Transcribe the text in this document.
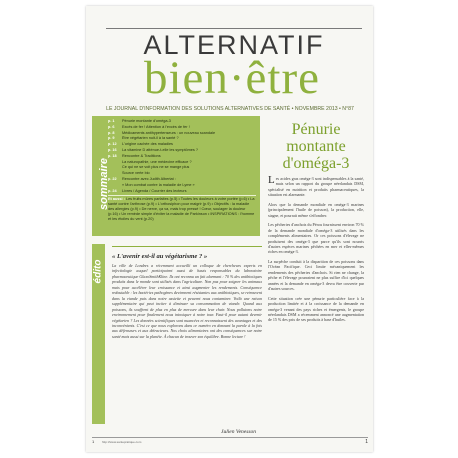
ALTERNATIF
bien·être
LE JOURNAL D'INFORMATION DES SOLUTIONS ALTERNATIVES DE SANTÉ • NOVEMBRE 2013 • N°87
sommaire
p. 1	Pénurie montante d'oméga-3
p. 6	Excès de fer ! Attention à l'excès de fer !
p. 8	Médicaments antihypertenseurs : un nouveau scandale
p. 9	Être végétarien nuit-il à la santé ?
p. 12	L'origine cachée des maladies
p. 16	La vitamine D atténue-t-elle les symptômes ?
p. 18	Rencontre & Traditions
La naturopathie, une médecine efficace ?
Ce qui ne se voit plus ne se mange plus
Source verte bio
p. 22	Rencontre avec Judith Albertat :
« Mon combat contre la maladie de Lyme »
p. 24	Livres / Agenda / Courrier des lecteurs
Et aussi : Les fruits mûres parfaites (p.5) • Toutes les douleurs à votre portée (p.6) • La santé contre l'arthrose (p.9) • L'orthosiphon pour maigrir (p.9) • Objectifs : la maladie des allergies (p.9) • De nerve, ça va, mais trop pressé ! Cœur, soulager la douleur (p.16) • Un remède simple d'éviter la maladie de Parkinson • INSPIRATIONS : l'homme et les étoiles du vent (p.20)
édito
« L'avenir est-il au végétarisme ? »

La ville de Londres a récemment accueilli un colloque de chercheurs experts en infectiologie auquel participaient aussi de hauts responsables du laboratoire pharmaceutique GlaxoSmithKline. Ils ont reconnu un fait alarmant : 70 % des antibiotiques produits dans le monde sont utilisés dans l'agriculture. Non pas pour soigner les animaux mais pour accélérer leur croissance et ainsi augmenter les rendements. Conséquence redoutable : les bactéries pathogènes deviennent résistantes aux antibiotiques, se retrouvent dans la viande puis dans notre assiette et peuvent nous contaminer. Voilà une raison supplémentaire qui peut inciter à diminuer sa consommation de viande. Quand aux poissons, ils souffrent de plus en plus de mercure dans leur chair. Nous pollutons notre environnement pour finalement nous intoxiquer à notre tour. Faut-il pour autant devenir végétarien ? Les données scientifiques sont nuancées et reconnaissent des avantages et des inconvénients. C'est ce que nous explorons dans ce numéro en donnant la parole à la fois aux défenseurs et aux détracteurs. Nos choix alimentaires ont des conséquences sur notre santé mais aussi sur la planète. À chacun de trouver son équilibre. Bonne lecture !

Julien Venesson
Pénurie montante d'oméga-3

Les acides gras oméga-3 sont indispensables à la santé, mais selon un rapport du groupe néerlandais DSM, spécialisé en nutrition et produits pharmaceutiques, la situation est alarmante.

Alors que la demande mondiale en oméga-3 marines (principalement l'huile de poisson), la production, elle, stagne, et pourrait même s'effondrer.

Les pêcheries d'anchois du Pérou fournissent environ 70 % de la demande mondiale d'oméga-3 utilisés dans les compléments alimentaires. Or ces poissons d'élevage ne produisent des oméga-3 que parce qu'ils sont nourris d'autres espèces marines pêchées en mer et elles-mêmes riches en oméga-3.

La surpêche conduit à la disparition de ces poissons dans l'Océan Pacifique. Ceci limite mécaniquement les rendements des pêcheries d'anchois. Si rien ne change, la pêche et l'élevage pourraient ne plus suffire d'ici quelques années et la demande en oméga-3 devra être couverte par d'autres sources.

Cette situation crée une pénurie particulière face à la production limitée et à la croissance de la demande en oméga-3 venant des pays riches et émergents, le groupe néerlandais DSM a récemment annoncé une augmentation de 15 % des prix de ses produits à base d'huiles.

1	http://www.santepratique.com	1
